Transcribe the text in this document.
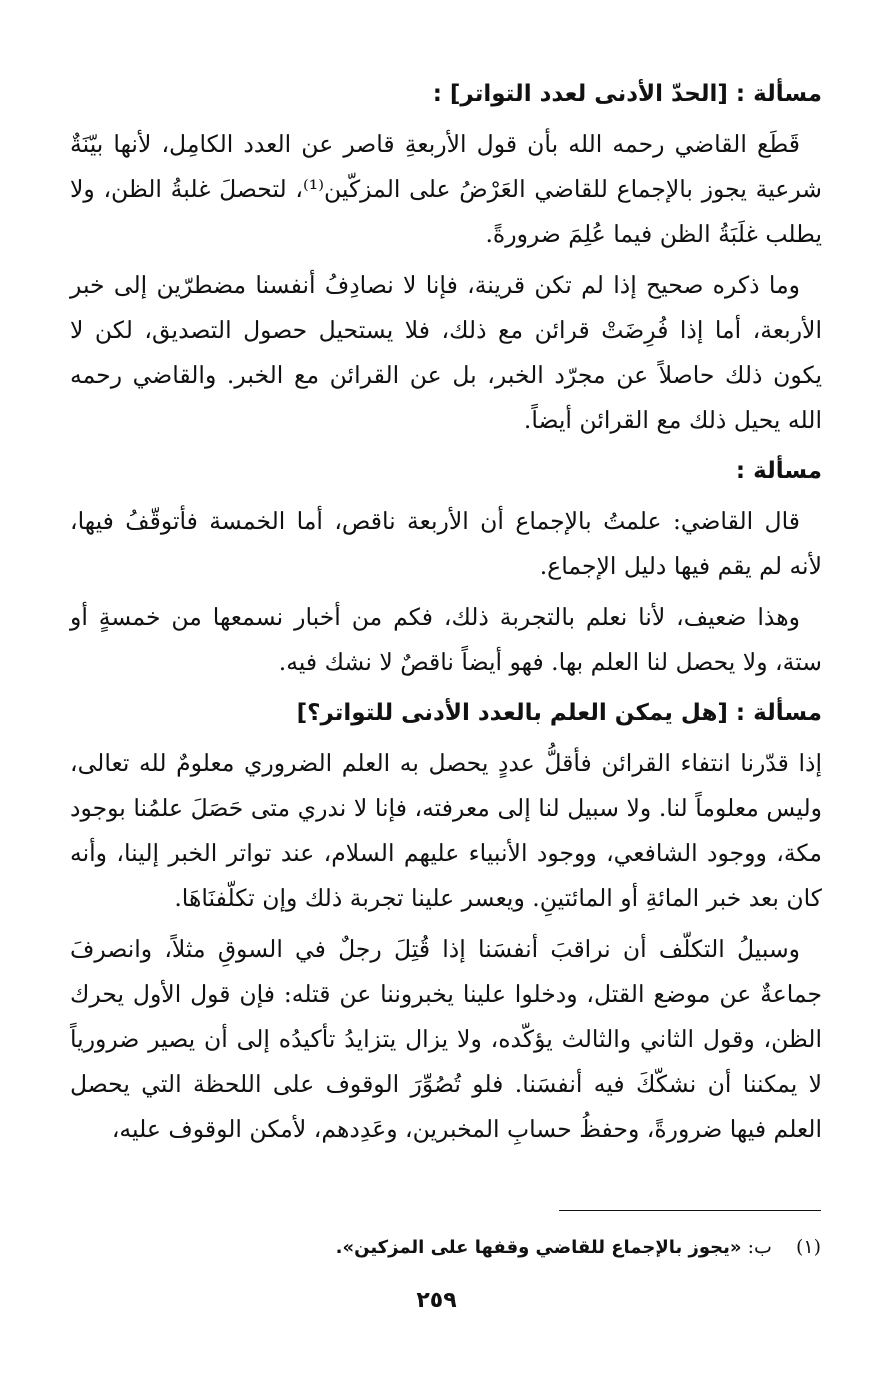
مسألة : [الحدّ الأدنى لعدد التواتر] :

قَطَع القاضي رحمه الله بأن قول الأربعةِ قاصر عن العدد الكامِل، لأنها بيّنَةٌ شرعية يجوز بالإجماع للقاضي العَرْضُ على المزكّين⁽¹⁾، لتحصلَ غلبةُ الظن، ولا يطلب غلَبَةُ الظن فيما عُلِمَ ضرورةً.

وما ذكره صحيح إذا لم تكن قرينة، فإنا لا نصادِفُ أنفسنا مضطرّين إلى خبر الأربعة، أما إذا فُرِضَتْ قرائن مع ذلك، فلا يستحيل حصول التصديق، لكن لا يكون ذلك حاصلاً عن مجرّد الخبر، بل عن القرائن مع الخبر. والقاضي رحمه الله يحيل ذلك مع القرائن أيضاً.

مسألة :

قال القاضي: علمتُ بالإجماع أن الأربعة ناقص، أما الخمسة فأتوقّفُ فيها، لأنه لم يقم فيها دليل الإجماع.

وهذا ضعيف، لأنا نعلم بالتجربة ذلك، فكم من أخبار نسمعها من خمسةٍ أو ستة، ولا يحصل لنا العلم بها. فهو أيضاً ناقصٌ لا نشك فيه.

مسألة : [هل يمكن العلم بالعدد الأدنى للتواتر؟]

إذا قدّرنا انتفاء القرائن فأقلُّ عددٍ يحصل به العلم الضروري معلومٌ لله تعالى، وليس معلوماً لنا. ولا سبيل لنا إلى معرفته، فإنا لا ندري متى حَصَلَ علمُنا بوجود مكة، ووجود الشافعي، ووجود الأنبياء عليهم السلام، عند تواتر الخبر إلينا، وأنه كان بعد خبر المائةِ أو المائتينِ. ويعسر علينا تجربة ذلك وإن تكلّفنَاهَا.

وسبيلُ التكلّف أن نراقبَ أنفسَنا إذا قُتِلَ رجلٌ في السوقِ مثلاً، وانصرفَ جماعةٌ عن موضع القتل، ودخلوا علينا يخبروننا عن قتله: فإن قول الأول يحرك الظن، وقول الثاني والثالث يؤكّده، ولا يزال يتزايدُ تأكيدُه إلى أن يصير ضرورياً لا يمكننا أن نشكّكَ فيه أنفسَنا. فلو تُصُوِّرَ الوقوف على اللحظة التي يحصل العلم فيها ضرورةً، وحفظُ حسابِ المخبرين، وعَدِدهم، لأمكن الوقوف عليه،

(١) ب: «يجوز بالإجماع للقاضي وقفها على المزكين».
٢٥٩
